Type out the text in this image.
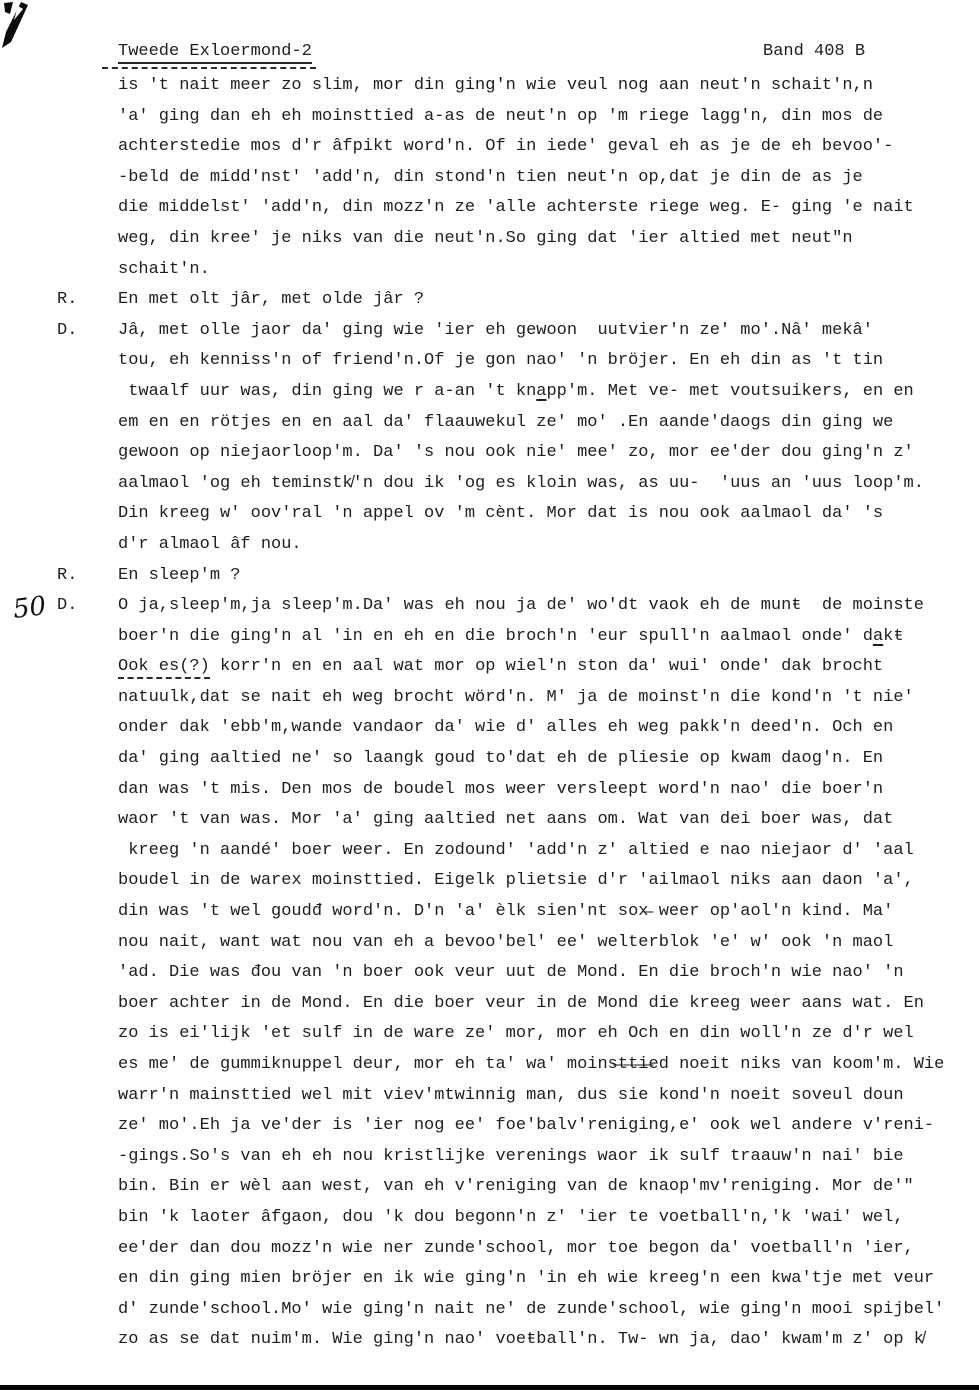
Tweede Exloermond-2	Band 408 B
is 't nait meer zo slim, mor din ging'n wie veul nog aan neut'n schait'n,n
'a' ging dan eh eh moinsttied a-as de neut'n op 'm riege lagg'n, din mos de
achterstedie mos d'r âfpikt word'n. Of in iede' geval eh as je de eh bevoo'-
-beld de midd'nst' 'add'n, din stond'n tien neut'n op,dat je din de as je
die middelst' 'add'n, din mozz'n ze 'alle achterste riege weg. E- ging 'e nait
weg, din kree' je niks van die neut'n.So ging dat 'ier altied met neut"n
schait'n.
R.	En met olt jâr, met olde jâr ?
D.	Jâ, met olle jaor da' ging wie 'ier eh gewoon  uutvier'n ze' mo'.Nâ' mekâ'
tou, eh kenniss'n of friend'n.Of je gon nao' 'n bröjer. En eh din as 't tin
twaalf uur was, din ging we r a-an 't knapp'm. Met ve- met voutsuikers, en en
em en en rötjes en en aal da' flaauwekul ze' mo' .En aande'daogs din ging we
gewoon op niejaorloop'm. Da' 's nou ook nie' mee' zo, mor ee'der dou ging'n z'
aalmaol 'og eh teminstk̸'n dou ik 'og es kloin was, as uu-  'uus an 'uus loop'm.
Din kreeg w' oov'ral 'n appel ov 'm cènt. Mor dat is nou ook aalmaol da' 's
d'r almaol âf nou.
R.	En sleep'm ?
D.	O ja,sleep'm,ja sleep'm.Da' was eh nou ja de' wo'dt vaok eh de munŧ  de moinste
boer'n die ging'n al 'in en eh en die broch'n 'eur spull'n aalmaol onde' dakŧ
Ook es(?) korr'n en en aal wat mor op wiel'n ston da' wui' onde' dak brocht
natuulk,dat se nait eh weg brocht wörd'n. M' ja de moinst'n die kond'n 't nie'
onder dak 'ebb'm,wande vandaor da' wie d' alles eh weg pakk'n deed'n. Och en
da' ging aaltied ne' so laangk goud to'dat eh de pliesie op kwam daog'n. En
dan was 't mis. Den mos de boudel mos weer versleept word'n nao' die boer'n
waor 't van was. Mor 'a' ging aaltied net aans om. Wat van dei boer was, dat
kreeg 'n aandé' boer weer. En zodound' 'add'n z' altied e nao niejaor d' 'aal
boudel in de warex moinsttied. Eigelk plietsie d'r 'ailmaol niks aan daon 'a',
din was 't wel goudđ word'n. D'n 'a' èlk sien'nt sox̶ weer op'aol'n kind. Ma'
nou nait, want wat nou van eh a bevoo'bel' ee' welterblok 'e' w' ook 'n maol
'ad. Die was đou van 'n boer ook veur uut de Mond. En die broch'n wie nao' 'n
boer achter in de Mond. En die boer veur in de Mond die kreeg weer aans wat. En
zo is ei'lijk 'et sulf in de ware ze' mor, mor eh Och en din woll'n ze d'r wel
es me' de gummiknuppel deur, mor eh ta' wa' moins̶t̶t̶i̶ed noeit niks van koom'm. Wie
warr'n mainsttied wel mit viev'mtwinnig man, dus sie kond'n noeit soveul doun
ze' mo'.Eh ja ve'der is 'ier nog ee' foe'balv'reniging,e' ook wel andere v'reni-
-gings.So's van eh eh nou kristlijke verenings waor ik sulf traauw'n nai' bie
bin. Bin er wèl aan west, van eh v'reniging van de knaop'mv'reniging. Mor de'"
bin 'k laoter âfgaon, dou 'k dou begonn'n z' 'ier te voetball'n,'k 'wai' wel,
ee'der dan dou mozz'n wie ner zunde'school, mor toe begon da' voetball'n 'ier,
en din ging mien bröjer en ik wie ging'n 'in eh wie kreeg'n een kwa'tje met veur
d' zunde'school.Mo' wie ging'n nait ne' de zunde'school, wie ging'n mooi spijbel'
zo as se dat nuim'm. Wie ging'n nao' voeŧball'n. Tw- wn ja, dao' kwam'm z' op k̸
50
